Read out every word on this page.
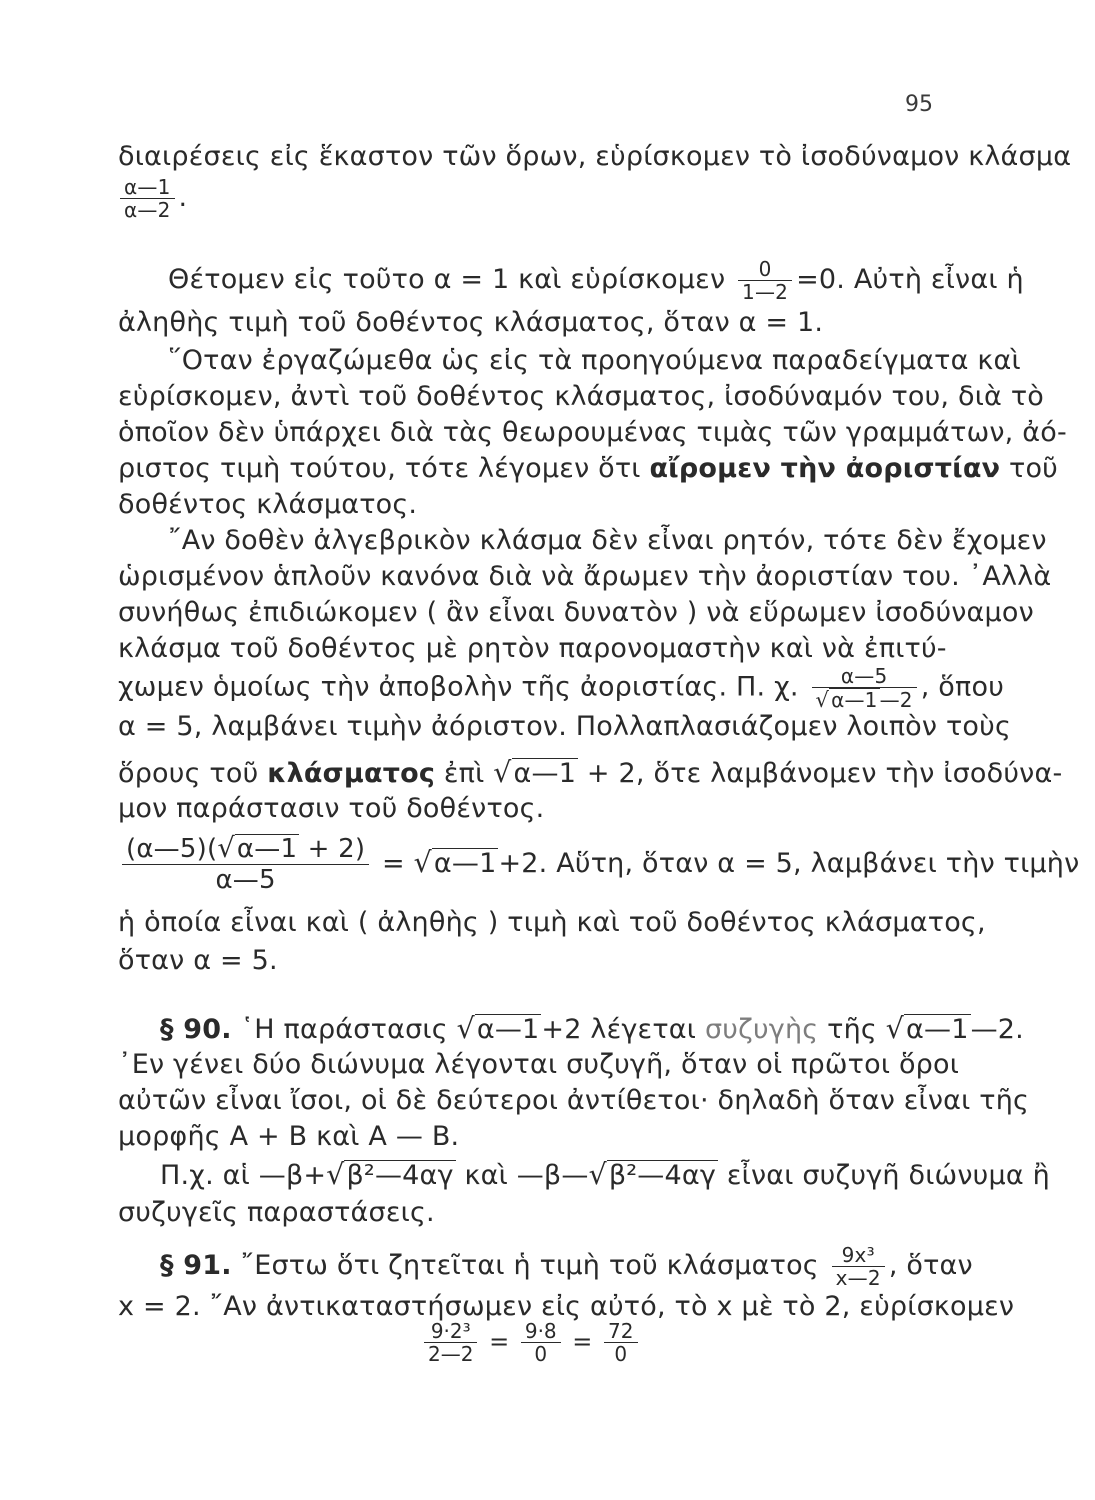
95
διαιρέσεις εἰς ἕκαστον τῶν ὅρων, εὑρίσκομεν τὸ ἰσοδύναμον κλάσμα
$\frac{\alpha—1}{\alpha—2}$ .
Θέτομεν εἰς τοῦτο α = 1 καὶ εὑρίσκομεν $\frac{0}{1—2} =0$. Αὐτὴ εἶναι ἡ
ἀληθὴς τιμὴ τοῦ δοθέντος κλάσματος, ὅταν α = 1.
῞Οταν ἐργαζώμεθα ὡς εἰς τὰ προηγούμενα παραδείγματα καὶ
εὑρίσκομεν, ἀντὶ τοῦ δοθέντος κλάσματος, ἰσοδύναμόν του, διὰ τὸ
ὁποῖον δὲν ὑπάρχει διὰ τὰς θεωρουμένας τιμὰς τῶν γραμμάτων, ἀό-
ριστος τιμὴ τούτου, τότε λέγομεν ὅτι αἴρομεν τὴν ἀοριστίαν τοῦ
δοθέντος κλάσματος.
῎Αν δοθὲν ἀλγεβρικὸν κλάσμα δὲν εἶναι ρητόν, τότε δὲν ἔχομεν
ὡρισμένον ἁπλοῦν κανόνα διὰ νὰ ἄρωμεν τὴν ἀοριστίαν του. ᾿Αλλὰ
συνήθως ἐπιδιώκομεν ( ἂν εἶναι δυνατὸν ) νὰ εὕρωμεν ἰσοδύναμον
κλάσμα τοῦ δοθέντος μὲ ρητὸν παρονομαστὴν καὶ νὰ ἐπιτύ-
χωμεν ὁμοίως τὴν ἀποβολὴν τῆς ἀοριστίας. Π. χ. $\frac{\alpha—5}{√ \alpha—1 —2}$ , ὅπου
α = 5, λαμβάνει τιμὴν ἀόριστον. Πολλαπλασιάζομεν λοιπὸν τοὺς
ὅρους τοῦ κλάσματος ἐπὶ √α—1 + 2, ὅτε λαμβάνομεν τὴν ἰσοδύνα-
μον παράστασιν τοῦ δοθέντος.
$\frac{(\alpha—5)(√\alpha—1 + 2)}{\alpha—5}$ = √α—1+2. Αὕτη, ὅταν α = 5, λαμβάνει τὴν τιμὴν
ἡ ὁποία εἶναι καὶ ( ἀληθὴς ) τιμὴ καὶ τοῦ δοθέντος κλάσματος,
ὅταν α = 5.
§ 90. ῾Η παράστασις √α—1+2 λέγεται συζυγὴς τῆς √α—1—2.
᾿Εν γένει δύο διώνυμα λέγονται συζυγῆ, ὅταν οἱ πρῶτοι ὅροι
αὐτῶν εἶναι ἴσοι, οἱ δὲ δεύτεροι ἀντίθετοι· δηλαδὴ ὅταν εἶναι τῆς
μορφῆς Α + Β καὶ Α — Β.
Π.χ. αἱ —β+√β²—4αγ καὶ —β—√β²—4αγ εἶναι συζυγῆ διώνυμα ἢ
συζυγεῖς παραστάσεις.
§ 91. ῎Εστω ὅτι ζητεῖται ἡ τιμὴ τοῦ κλάσματος $\frac{\text{9x³}}{x—2}$ , ὅταν
x = 2. ῎Αν ἀντικαταστήσωμεν εἰς αὐτό, τὸ x μὲ τὸ 2, εὑρίσκομεν
$\frac{\text{9·2³}}{2—2} = \frac{9\cdot 8}{0} = \frac{72}{0}$
